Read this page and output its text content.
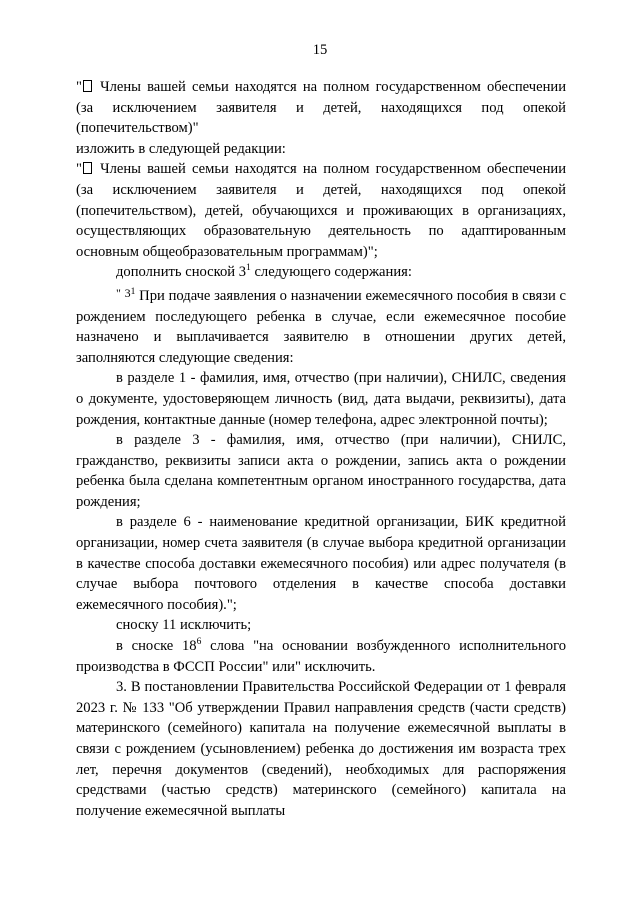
15

" Члены вашей семьи находятся на полном государственном обеспечении (за исключением заявителя и детей, находящихся под опекой (попечительством)"

изложить в следующей редакции:

" Члены вашей семьи находятся на полном государственном обеспечении (за исключением заявителя и детей, находящихся под опекой (попечительством), детей, обучающихся и проживающих в организациях, осуществляющих образовательную деятельность по адаптированным основным общеобразовательным программам)";

дополнить сноской $3^1$ следующего содержания:

" $^{31}$ При подаче заявления о назначении ежемесячного пособия в связи с рождением последующего ребенка в случае, если ежемесячное пособие назначено и выплачивается заявителю в отношении других детей, заполняются следующие сведения:

в разделе 1 - фамилия, имя, отчество (при наличии), СНИЛС, сведения о документе, удостоверяющем личность (вид, дата выдачи, реквизиты), дата рождения, контактные данные (номер телефона, адрес электронной почты);

в разделе 3 - фамилия, имя, отчество (при наличии), СНИЛС, гражданство, реквизиты записи акта о рождении, запись акта о рождении ребенка была сделана компетентным органом иностранного государства, дата рождения;

в разделе 6 - наименование кредитной организации, БИК кредитной организации, номер счета заявителя (в случае выбора кредитной организации в качестве способа доставки ежемесячного пособия) или адрес получателя (в случае выбора почтового отделения в качестве способа доставки ежемесячного пособия).";

сноску 11 исключить;

в сноске $18^6$ слова "на основании возбужденного исполнительного производства в ФССП России" или" исключить.

3. В постановлении Правительства Российской Федерации от 1 февраля 2023 г. № 133 "Об утверждении Правил направления средств (части средств) материнского (семейного) капитала на получение ежемесячной выплаты в связи с рождением (усыновлением) ребенка до достижения им возраста трех лет, перечня документов (сведений), необходимых для распоряжения средствами (частью средств) материнского (семейного) капитала на получение ежемесячной выплаты
